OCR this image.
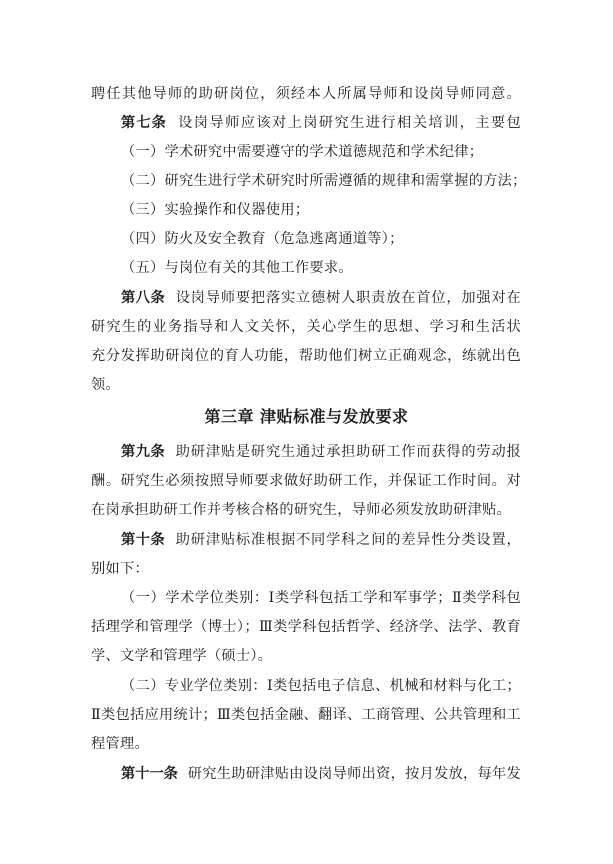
聘任其他导师的助研岗位，须经本人所属导师和设岗导师同意。
第七条 设岗导师应该对上岗研究生进行相关培训，主要包
（一）学术研究中需要遵守的学术道德规范和学术纪律；
（二）研究生进行学术研究时所需遵循的规律和需掌握的方法；
（三）实验操作和仪器使用；
（四）防火及安全教育（危急逃离通道等）；
（五）与岗位有关的其他工作要求。
第八条 设岗导师要把落实立德树人职责放在首位，加强对在
研究生的业务指导和人文关怀，关心学生的思想、学习和生活状
充分发挥助研岗位的育人功能，帮助他们树立正确观念，练就出色
领。
第三章 津贴标准与发放要求
第九条 助研津贴是研究生通过承担助研工作而获得的劳动报
酬。研究生必须按照导师要求做好助研工作，并保证工作时间。对
在岗承担助研工作并考核合格的研究生，导师必须发放助研津贴。
第十条 助研津贴标准根据不同学科之间的差异性分类设置，
别如下：
（一）学术学位类别：Ⅰ类学科包括工学和军事学；Ⅱ类学科包
括理学和管理学（博士）；Ⅲ类学科包括哲学、经济学、法学、教育
学、文学和管理学（硕士）。
（二）专业学位类别：Ⅰ类包括电子信息、机械和材料与化工；
Ⅱ类包括应用统计；Ⅲ类包括金融、翻译、工商管理、公共管理和工
程管理。
第十一条 研究生助研津贴由设岗导师出资，按月发放，每年发
